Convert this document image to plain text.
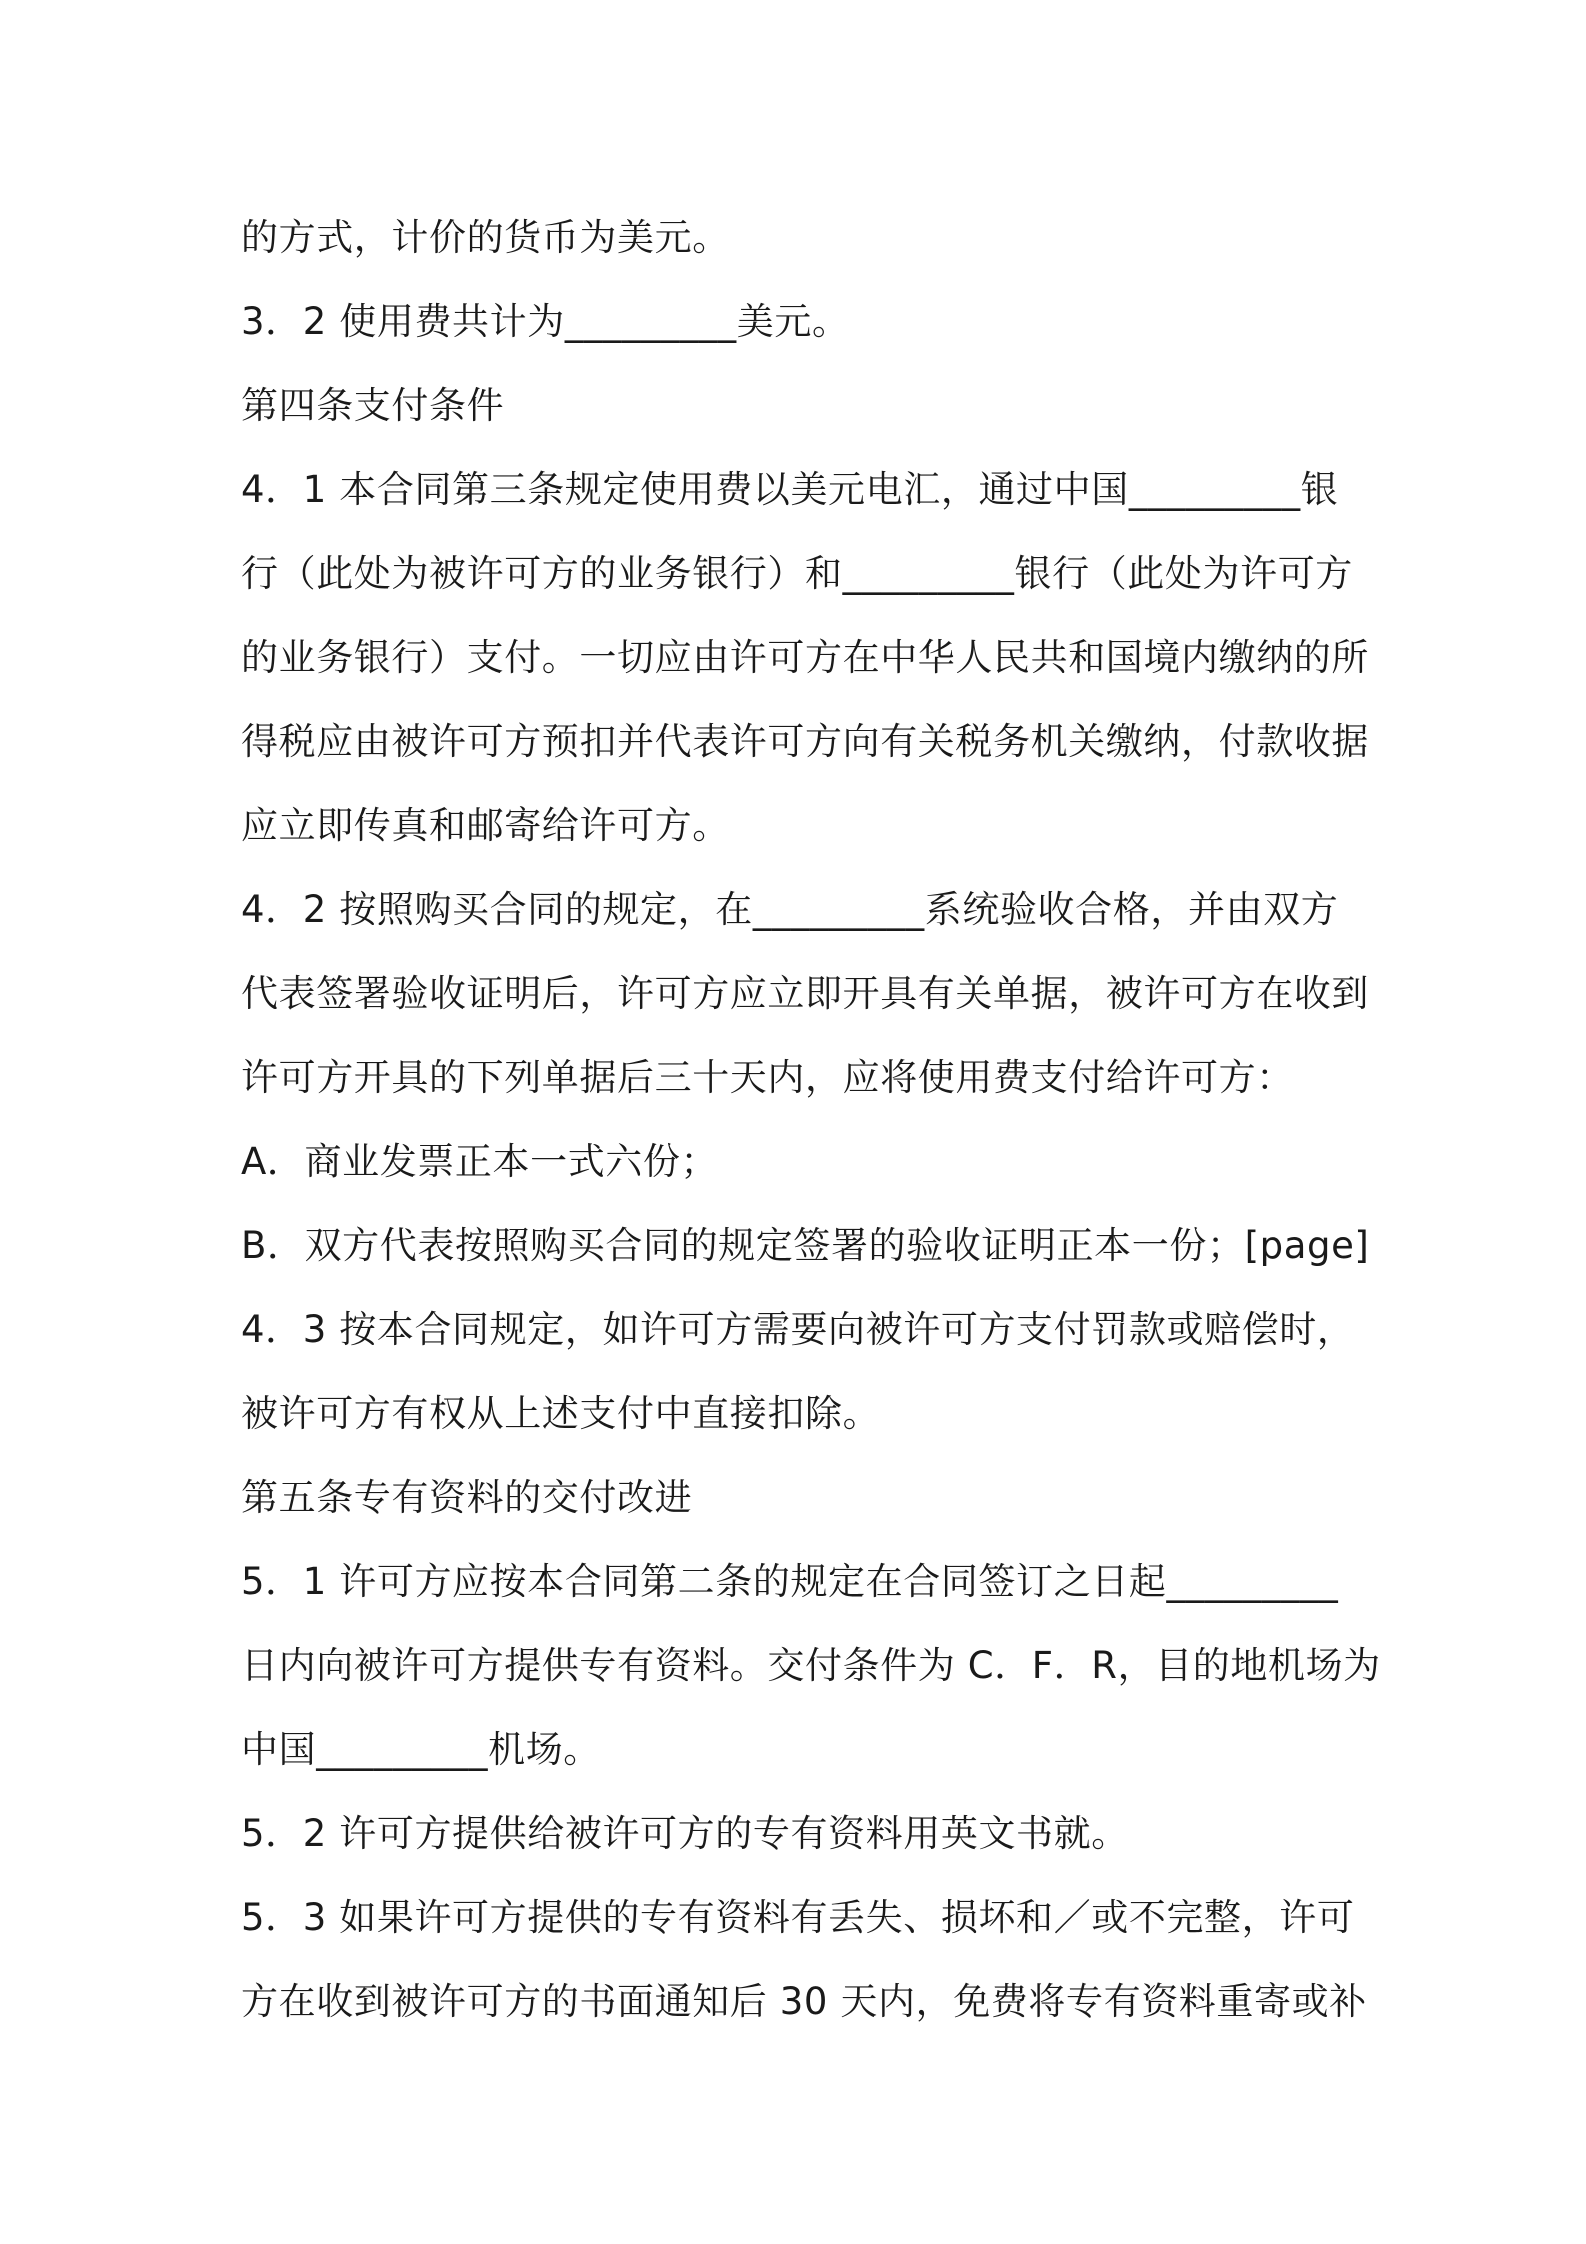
的方式，计价的货币为美元。
3．2 使用费共计为_________美元。
第四条支付条件
4．1 本合同第三条规定使用费以美元电汇，通过中国_________银
行（此处为被许可方的业务银行）和_________银行（此处为许可方
的业务银行）支付。一切应由许可方在中华人民共和国境内缴纳的所
得税应由被许可方预扣并代表许可方向有关税务机关缴纳，付款收据
应立即传真和邮寄给许可方。
4．2 按照购买合同的规定，在_________系统验收合格，并由双方
代表签署验收证明后，许可方应立即开具有关单据，被许可方在收到
许可方开具的下列单据后三十天内，应将使用费支付给许可方：
A．商业发票正本一式六份；
B．双方代表按照购买合同的规定签署的验收证明正本一份；[page]
4．3 按本合同规定，如许可方需要向被许可方支付罚款或赔偿时，
被许可方有权从上述支付中直接扣除。
第五条专有资料的交付改进
5．1 许可方应按本合同第二条的规定在合同签订之日起_________
日内向被许可方提供专有资料。交付条件为 C．F．R，目的地机场为
中国_________机场。
5．2 许可方提供给被许可方的专有资料用英文书就。
5．3 如果许可方提供的专有资料有丢失、损坏和／或不完整，许可
方在收到被许可方的书面通知后 30 天内，免费将专有资料重寄或补
